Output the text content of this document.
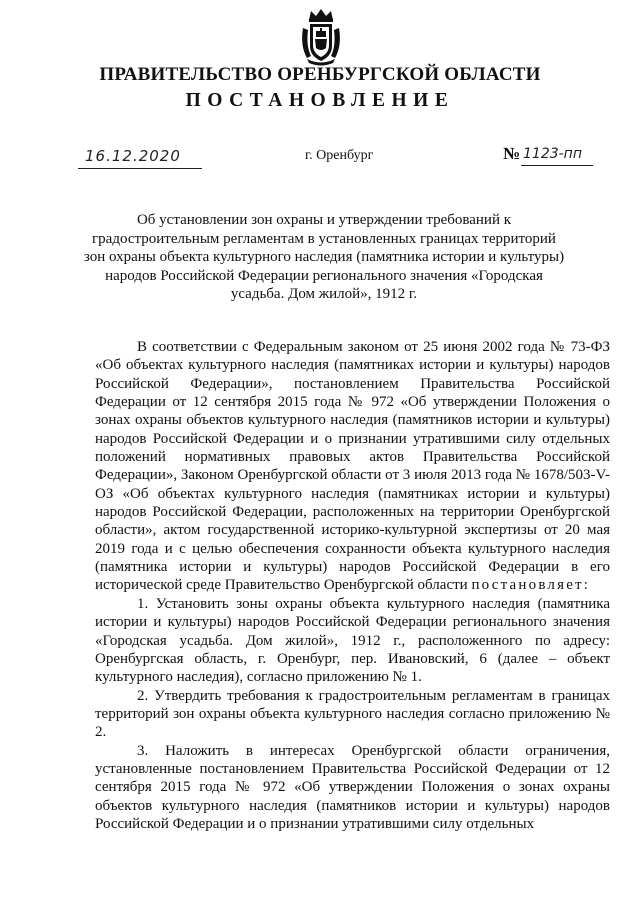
ПРАВИТЕЛЬСТВО ОРЕНБУРГСКОЙ ОБЛАСТИ
ПОСТАНОВЛЕНИЕ
16.12.2020	г. Оренбург	№ 1123-пп
Об установлении зон охраны и утверждении требований к градостроительным регламентам в установленных границах территорий зон охраны объекта культурного наследия (памятника истории и культуры) народов Российской Федерации регионального значения «Городская усадьба. Дом жилой», 1912 г.

В соответствии с Федеральным законом от 25 июня 2002 года № 73-ФЗ «Об объектах культурного наследия (памятниках истории и культуры) народов Российской Федерации», постановлением Правительства Российской Федерации от 12 сентября 2015 года № 972 «Об утверждении Положения о зонах охраны объектов культурного наследия (памятников истории и культуры) народов Российской Федерации и о признании утратившими силу отдельных положений нормативных правовых актов Правительства Российской Федерации», Законом Оренбургской области от 3 июля 2013 года № 1678/503-V-ОЗ «Об объектах культурного наследия (памятниках истории и культуры) народов Российской Федерации, расположенных на территории Оренбургской области», актом государственной историко-культурной экспертизы от 20 мая 2019 года и с целью обеспечения сохранности объекта культурного наследия (памятника истории и культуры) народов Российской Федерации в его исторической среде Правительство Оренбургской области постановляет:

1. Установить зоны охраны объекта культурного наследия (памятника истории и культуры) народов Российской Федерации регионального значения «Городская усадьба. Дом жилой», 1912 г., расположенного по адресу: Оренбургская область, г. Оренбург, пер. Ивановский, 6 (далее – объект культурного наследия), согласно приложению № 1.

2. Утвердить требования к градостроительным регламентам в границах территорий зон охраны объекта культурного наследия согласно приложению № 2.

3. Наложить в интересах Оренбургской области ограничения, установленные постановлением Правительства Российской Федерации от 12 сентября 2015 года № 972 «Об утверждении Положения о зонах охраны объектов культурного наследия (памятников истории и культуры) народов Российской Федерации и о признании утратившими силу отдельных
